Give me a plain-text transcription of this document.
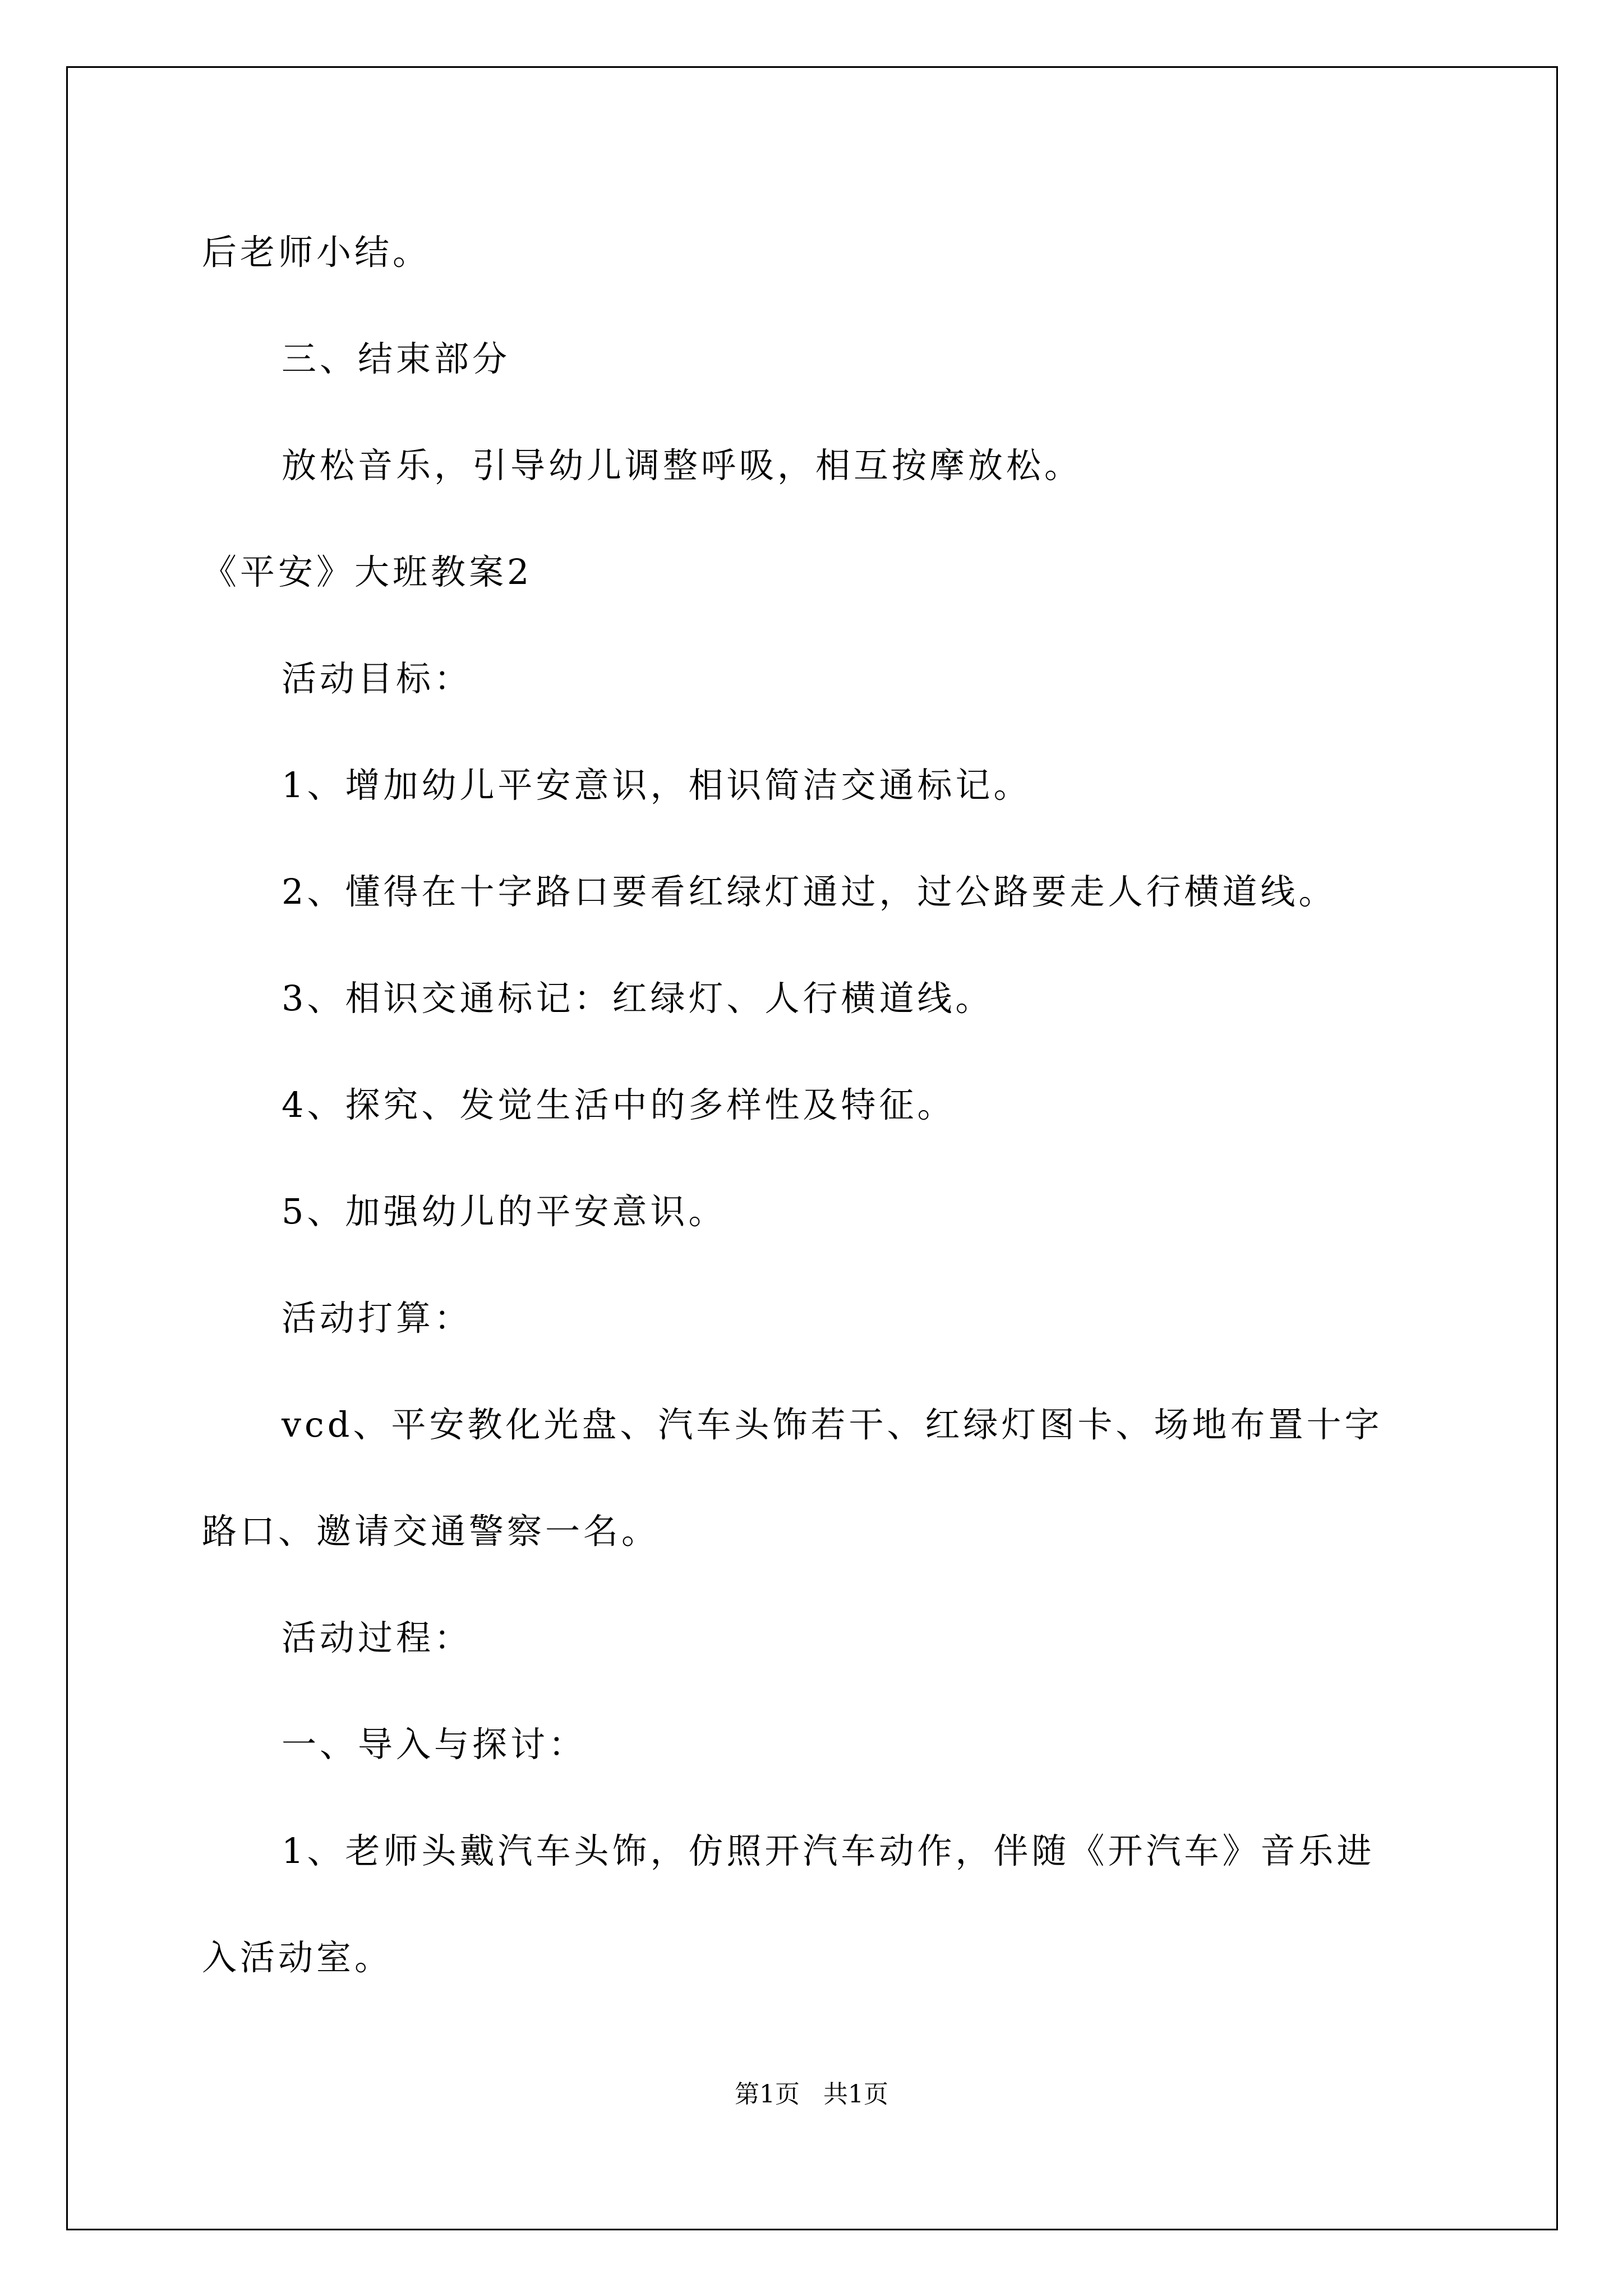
后老师小结。
三、结束部分
放松音乐，引导幼儿调整呼吸，相互按摩放松。
《平安》大班教案2
活动目标：
1、增加幼儿平安意识，相识简洁交通标记。
2、懂得在十字路口要看红绿灯通过，过公路要走人行横道线。
3、相识交通标记：红绿灯、人行横道线。
4、探究、发觉生活中的多样性及特征。
5、加强幼儿的平安意识。
活动打算：
vcd、平安教化光盘、汽车头饰若干、红绿灯图卡、场地布置十字
路口、邀请交通警察一名。
活动过程：
一、导入与探讨：
1、老师头戴汽车头饰，仿照开汽车动作，伴随《开汽车》音乐进
入活动室。
第1页   共1页
